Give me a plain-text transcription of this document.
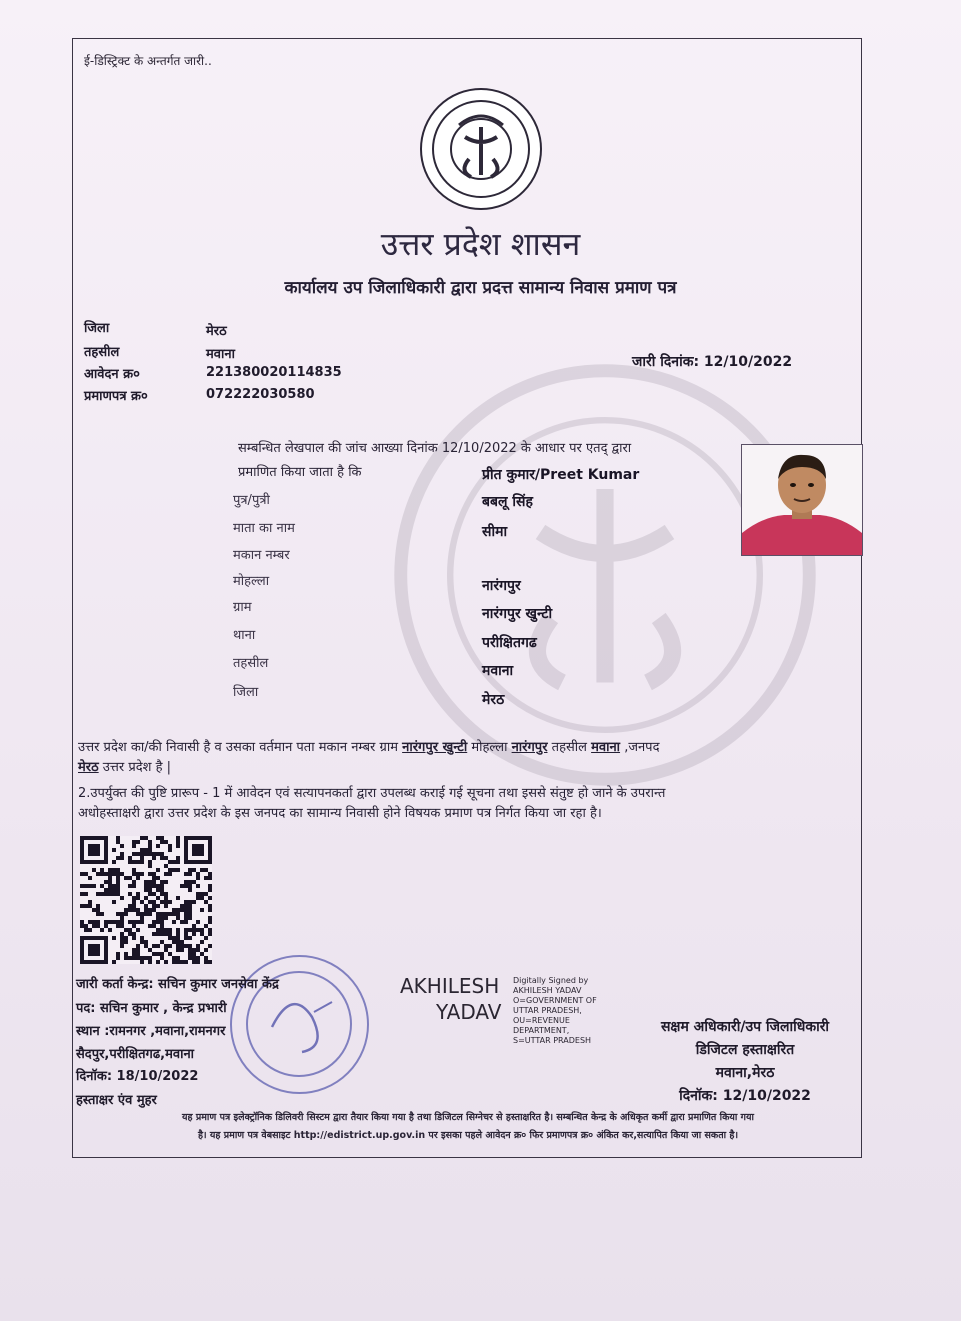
ई-डिस्ट्रिक्ट के अन्तर्गत जारी..
उत्तर प्रदेश शासन
कार्यालय उप जिलाधिकारी द्वारा प्रदत्त सामान्य निवास प्रमाण पत्र
जिला	मेरठ
तहसील	मवाना
आवेदन क्र०	221380020114835
प्रमाणपत्र क्र०	072222030580
जारी दिनांक: 12/10/2022
सम्बन्धित लेखपाल की जांच आख्या दिनांक 12/10/2022 के आधार पर एतद् द्वारा
प्रमाणित किया जाता है कि	प्रीत कुमार/Preet Kumar
पुत्र/पुत्री	बबलू सिंह
माता का नाम	सीमा
मकान नम्बर
मोहल्ला	नारंगपुर
ग्राम	नारंगपुर खुन्टी
थाना	परीक्षितगढ
तहसील	मवाना
जिला	मेरठ
उत्तर प्रदेश का/की निवासी है व उसका वर्तमान पता मकान नम्बर ग्राम नारंगपुर खुन्टी मोहल्ला नारंगपुर तहसील मवाना ,जनपद
मेरठ उत्तर प्रदेश है |
2.उपर्युक्त की पुष्टि प्रारूप - 1 में आवेदन एवं सत्यापनकर्ता द्वारा उपलब्ध कराई गई सूचना तथा इससे संतुष्ट हो जाने के उपरान्त
अधोहस्ताक्षरी द्वारा उत्तर प्रदेश के इस जनपद का सामान्य निवासी होने विषयक प्रमाण पत्र निर्गत किया जा रहा है।
जारी कर्ता केन्द्र: सचिन कुमार जनसेवा केंद्र
पद: सचिन कुमार , केन्द्र प्रभारी
स्थान :रामनगर ,मवाना,रामनगर
सैदपुर,परीक्षितगढ,मवाना
दिनॉक: 18/10/2022
हस्ताक्षर एंव मुहर
AKHILESH
YADAV
Digitally Signed by
AKHILESH YADAV
O=GOVERNMENT OF
UTTAR PRADESH,
OU=REVENUE
DEPARTMENT,
S=UTTAR PRADESH
सक्षम अधिकारी/उप जिलाधिकारी
डिजिटल हस्ताक्षरित
मवाना,मेरठ
दिनॉक: 12/10/2022
यह प्रमाण पत्र इलेक्ट्रॉनिक डिलिवरी सिस्टम द्वारा तैयार किया गया है तथा डिजिटल सिग्नेचर से हस्ताक्षरित है। सम्बन्धित केन्द्र के अधिकृत कर्मी द्वारा प्रमाणित किया गया
है। यह प्रमाण पत्र वेबसाइट http://edistrict.up.gov.in पर इसका पहले आवेदन क्र० फिर प्रमाणपत्र क्र० अंकित कर,सत्यापित किया जा सकता है।
